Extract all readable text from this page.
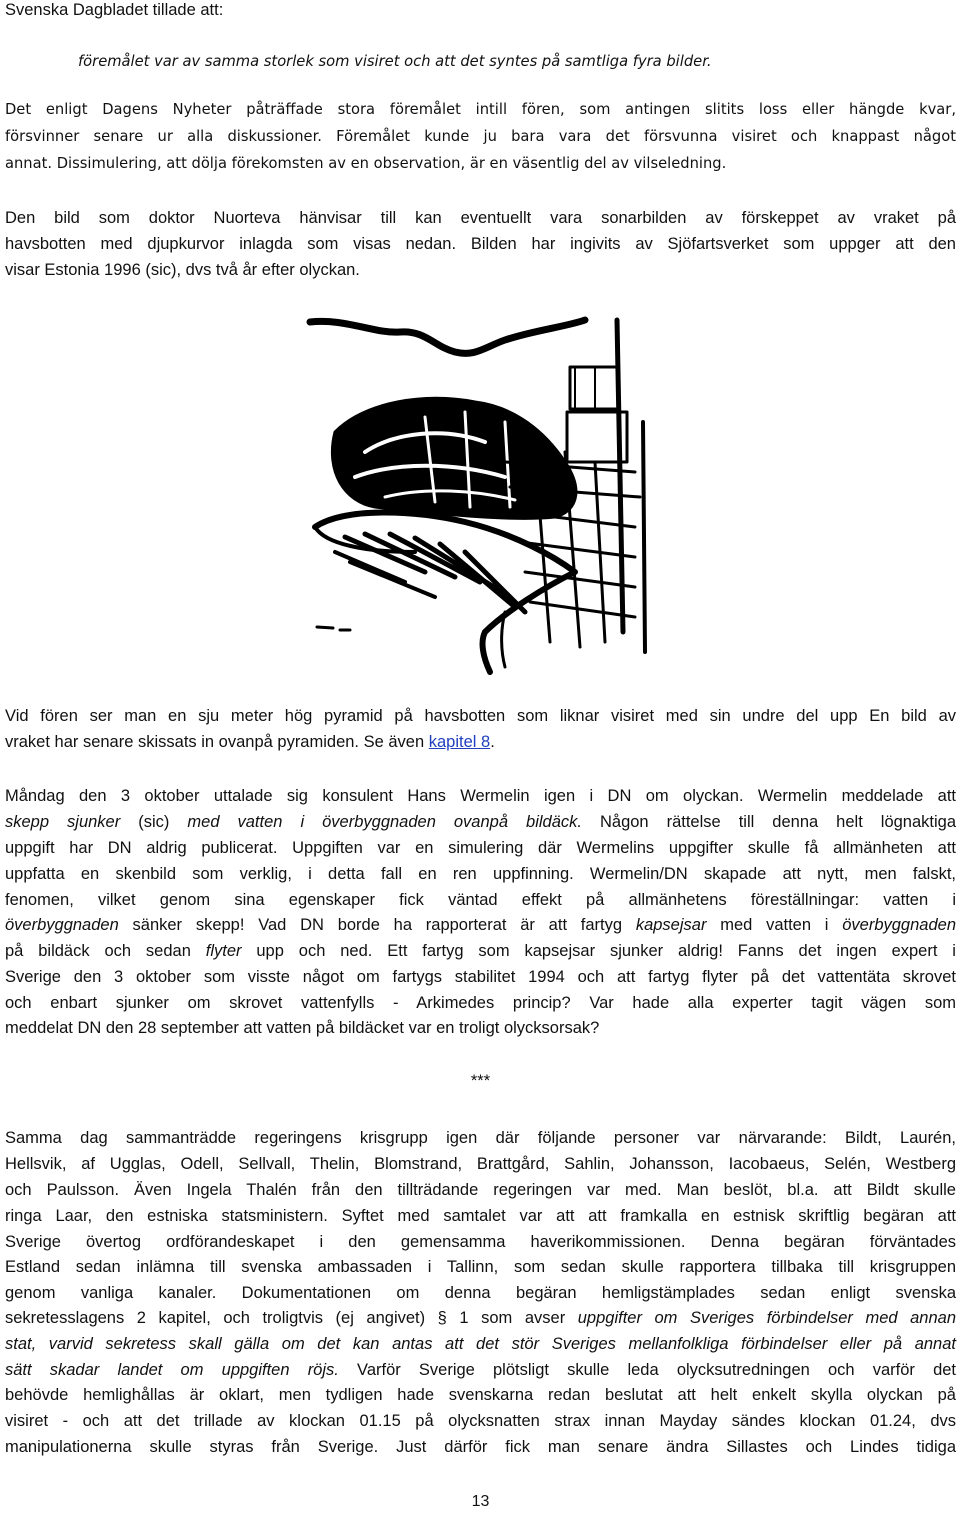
Svenska Dagbladet tillade att:
föremålet var av samma storlek som visiret och att det syntes på samtliga fyra bilder.
Det enligt Dagens Nyheter påträffade stora föremålet intill fören, som antingen slitits loss eller hängde kvar,
försvinner senare ur alla diskussioner. Föremålet kunde ju bara vara det försvunna visiret och knappast något
annat. Dissimulering, att dölja förekomsten av en observation, är en väsentlig del av vilseledning.
Den bild som doktor Nuorteva hänvisar till kan eventuellt vara sonarbilden av förskeppet av vraket på
havsbotten med djupkurvor inlagda som visas nedan. Bilden har ingivits av Sjöfartsverket som uppger att den
visar Estonia 1996 (sic), dvs två år efter olyckan.
Vid fören ser man en sju meter hög pyramid på havsbotten som liknar visiret med sin undre del upp En bild av
vraket har senare skissats in ovanpå pyramiden. Se även kapitel 8.
Måndag den 3 oktober uttalade sig konsulent Hans Wermelin igen i DN om olyckan. Wermelin meddelade att
skepp sjunker (sic) med vatten i överbyggnaden ovanpå bildäck. Någon rättelse till denna helt lögnaktiga
uppgift har DN aldrig publicerat. Uppgiften var en simulering där Wermelins uppgifter skulle få allmänheten att
uppfatta en skenbild som verklig, i detta fall en ren uppfinning. Wermelin/DN skapade att nytt, men falskt,
fenomen, vilket genom sina egenskaper fick väntad effekt på allmänhetens föreställningar: vatten i
överbyggnaden sänker skepp! Vad DN borde ha rapporterat är att fartyg kapsejsar med vatten i överbyggnaden
på bildäck och sedan flyter upp och ned. Ett fartyg som kapsejsar sjunker aldrig! Fanns det ingen expert i
Sverige den 3 oktober som visste något om fartygs stabilitet 1994 och att fartyg flyter på det vattentäta skrovet
och enbart sjunker om skrovet vattenfylls - Arkimedes princip? Var hade alla experter tagit vägen som
meddelat DN den 28 september att vatten på bildäcket var en troligt olycksorsak?
***
Samma dag sammanträdde regeringens krisgrupp igen där följande personer var närvarande: Bildt, Laurén,
Hellsvik, af Ugglas, Odell, Sellvall, Thelin, Blomstrand, Brattgård, Sahlin, Johansson, Iacobaeus, Selén, Westberg
och Paulsson. Även Ingela Thalén från den tillträdande regeringen var med. Man beslöt, bl.a. att Bildt skulle
ringa Laar, den estniska statsministern. Syftet med samtalet var att att framkalla en estnisk skriftlig begäran att
Sverige övertog ordförandeskapet i den gemensamma haverikommissionen. Denna begäran förväntades
Estland sedan inlämna till svenska ambassaden i Tallinn, som sedan skulle rapportera tillbaka till krisgruppen
genom vanliga kanaler. Dokumentationen om denna begäran hemligstämplades sedan enligt svenska
sekretesslagens 2 kapitel, och troligtvis (ej angivet) § 1 som avser uppgifter om Sveriges förbindelser med annan
stat, varvid sekretess skall gälla om det kan antas att det stör Sveriges mellanfolkliga förbindelser eller på annat
sätt skadar landet om uppgiften röjs. Varför Sverige plötsligt skulle leda olycksutredningen och varför det
behövde hemlighållas är oklart, men tydligen hade svenskarna redan beslutat att helt enkelt skylla olyckan på
visiret - och att det trillade av klockan 01.15 på olycksnatten strax innan Mayday sändes klockan 01.24, dvs
manipulationerna skulle styras från Sverige. Just därför fick man senare ändra Sillastes och Lindes tidiga
13
